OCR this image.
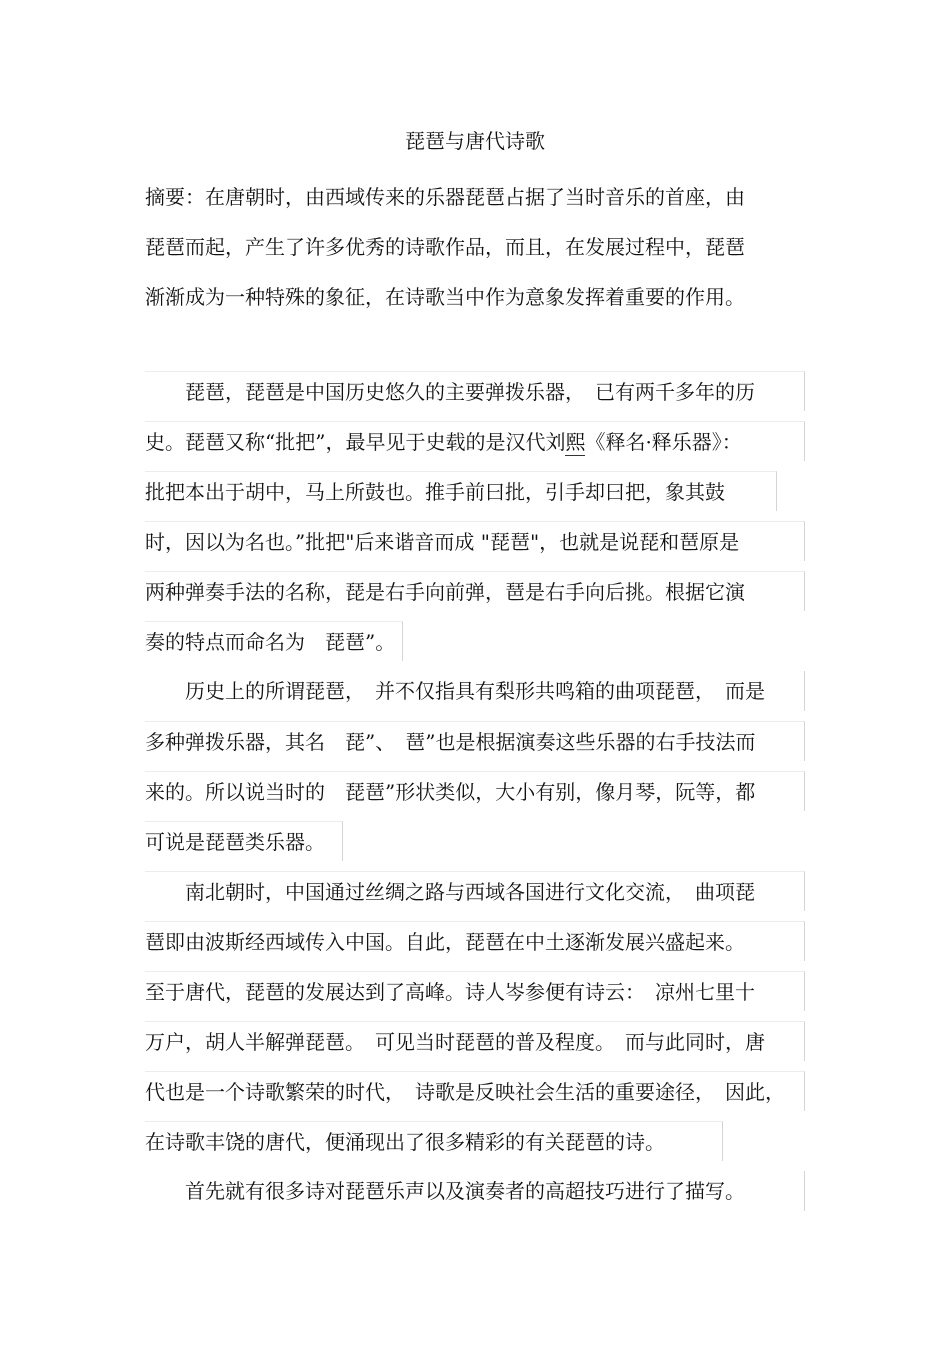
琵琶与唐代诗歌
摘要：在唐朝时，由西域传来的乐器琵琶占据了当时音乐的首座，由
琵琶而起，产生了许多优秀的诗歌作品，而且，在发展过程中，琵琶
渐渐成为一种特殊的象征，在诗歌当中作为意象发挥着重要的作用。
　　琵琶，琵琶是中国历史悠久的主要弹拨乐器，　已有两千多年的历
史。琵琶又称“批把”，最早见于史载的是汉代刘熙《释名·释乐器》：
批把本出于胡中，马上所鼓也。推手前曰批，引手却曰把，象其鼓
时，因以为名也。”批把"后来谐音而成 "琵琶"，也就是说琵和琶原是
两种弹奏手法的名称，琵是右手向前弹，琶是右手向后挑。根据它演
奏的特点而命名为　琵琶”。
　　历史上的所谓琵琶，　并不仅指具有梨形共鸣箱的曲项琵琶，　而是
多种弹拨乐器，其名　琵”、　琶”也是根据演奏这些乐器的右手技法而
来的。所以说当时的　琵琶”形状类似，大小有别，像月琴，阮等，都
可说是琵琶类乐器。
　　南北朝时，中国通过丝绸之路与西域各国进行文化交流，　曲项琵
琶即由波斯经西域传入中国。自此，琵琶在中土逐渐发展兴盛起来。
至于唐代，琵琶的发展达到了高峰。诗人岑参便有诗云：　凉州七里十
万户，胡人半解弹琵琶。　可见当时琵琶的普及程度。　而与此同时，唐
代也是一个诗歌繁荣的时代，　诗歌是反映社会生活的重要途径，　因此，
在诗歌丰饶的唐代，便涌现出了很多精彩的有关琵琶的诗。
　　首先就有很多诗对琵琶乐声以及演奏者的高超技巧进行了描写。
